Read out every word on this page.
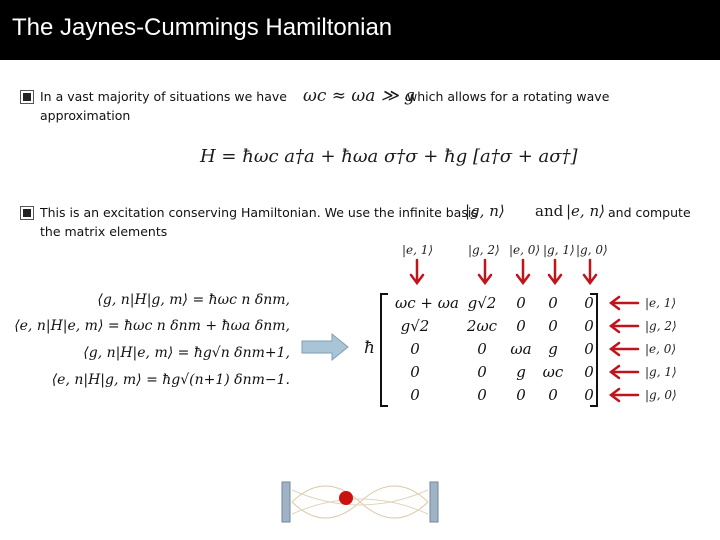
The Jaynes-Cummings Hamiltonian
In a vast majority of situations we have ωc ≈ ωa ≫ g
which allows for a rotating wave
approximation
H = ħωc a†a + ħωa σ†σ + ħg [a†σ + aσ†]
This is an excitation conserving Hamiltonian. We use the infinite basis
|g, n⟩ and |e, n⟩ and compute
the matrix elements
|e, 1⟩	|g, 2⟩ |e, 0⟩ |g, 1⟩ |g, 0⟩
⟨g, n|H|g, m⟩ = ħωc n δnm,
⟨e, n|H|e, m⟩ = ħωc n δnm + ħωa δnm,
⟨g, n|H|e, m⟩ = ħg√n δnm+1,
⟨e, n|H|g, m⟩ = ħg√(n+1) δnm−1.
ħ
ωc + ωa g√2	0	0	0
g√2	2ωc	0	0	0
0	0	ωa	g	0
0	0	g	ωc	0
0	0	0	0	0
|e, 1⟩
|g, 2⟩
|e, 0⟩
|g, 1⟩
|g, 0⟩
